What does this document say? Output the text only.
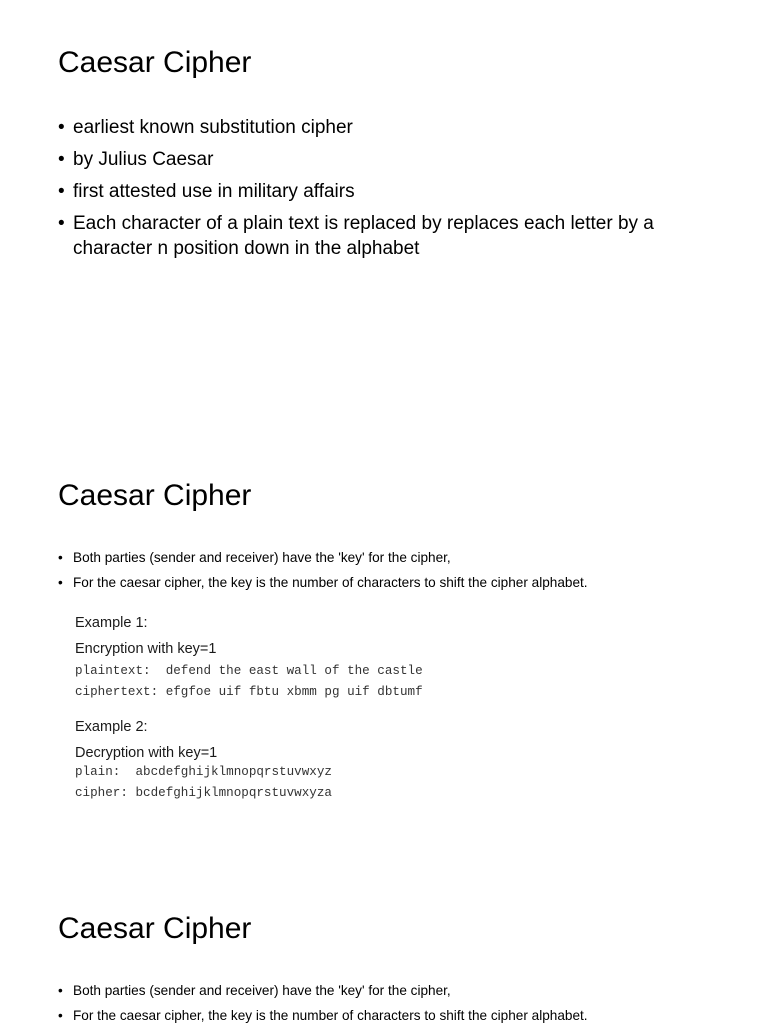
Caesar Cipher
• earliest known substitution cipher
• by Julius Caesar
• first attested use in military affairs
• Each character of a plain text is replaced by replaces each letter by a character n position down in the alphabet
Caesar Cipher
• Both parties (sender and receiver) have the 'key' for the cipher,
• For the caesar cipher, the key is the number of characters to shift the cipher alphabet.
Example 1:
Encryption with key=1
plaintext:  defend the east wall of the castle
ciphertext: efgfoe uif fbtu xbmm pg uif dbtumf
Example 2:
Decryption with key=1
plain:  abcdefghijklmnopqrstuvwxyz
cipher: bcdefghijklmnopqrstuvwxyza
Caesar Cipher
• Both parties (sender and receiver) have the 'key' for the cipher,
• For the caesar cipher, the key is the number of characters to shift the cipher alphabet.
